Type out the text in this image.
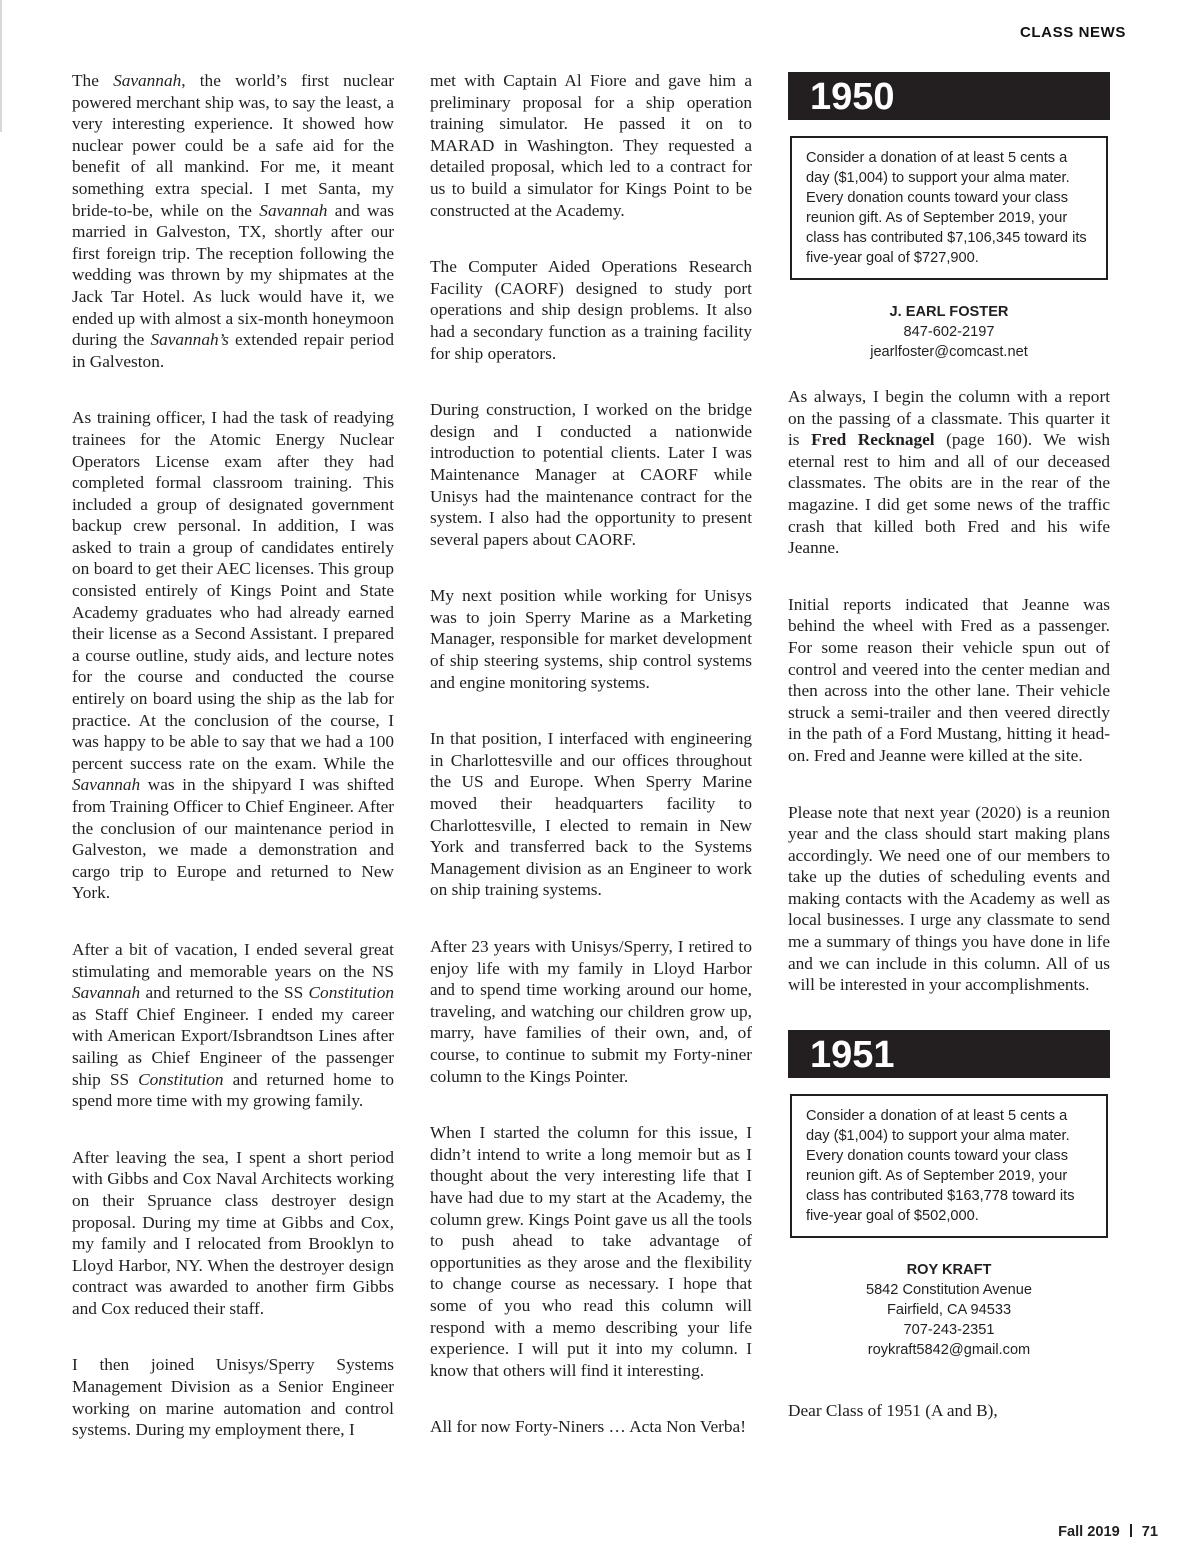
CLASS NEWS

The Savannah, the world’s first nuclear powered merchant ship was, to say the least, a very interesting experience. It showed how nuclear power could be a safe aid for the benefit of all mankind. For me, it meant something extra special. I met Santa, my bride-to-be, while on the Savannah and was married in Galveston, TX, shortly after our first foreign trip. The reception following the wedding was thrown by my shipmates at the Jack Tar Hotel. As luck would have it, we ended up with almost a six-month honeymoon during the Savannah’s extended repair period in Galveston.

As training officer, I had the task of readying trainees for the Atomic Energy Nuclear Operators License exam after they had completed formal classroom training. This included a group of designated government backup crew personal. In addition, I was asked to train a group of candidates entirely on board to get their AEC licenses. This group consisted entirely of Kings Point and State Academy graduates who had already earned their license as a Second Assistant. I prepared a course outline, study aids, and lecture notes for the course and conducted the course entirely on board using the ship as the lab for practice. At the conclusion of the course, I was happy to be able to say that we had a 100 percent success rate on the exam. While the Savannah was in the shipyard I was shifted from Training Officer to Chief Engineer. After the conclusion of our maintenance period in Galveston, we made a demonstration and cargo trip to Europe and returned to New York.

After a bit of vacation, I ended several great stimulating and memorable years on the NS Savannah and returned to the SS Constitution as Staff Chief Engineer. I ended my career with American Export/Isbrandtson Lines after sailing as Chief Engineer of the passenger ship SS Constitution and returned home to spend more time with my growing family.

After leaving the sea, I spent a short period with Gibbs and Cox Naval Architects working on their Spruance class destroyer design proposal. During my time at Gibbs and Cox, my family and I relocated from Brooklyn to Lloyd Harbor, NY. When the destroyer design contract was awarded to another firm Gibbs and Cox reduced their staff.

I then joined Unisys/Sperry Systems Management Division as a Senior Engineer working on marine automation and control systems. During my employment there, I

met with Captain Al Fiore and gave him a preliminary proposal for a ship operation training simulator. He passed it on to MARAD in Washington. They requested a detailed proposal, which led to a contract for us to build a simulator for Kings Point to be constructed at the Academy.

The Computer Aided Operations Research Facility (CAORF) designed to study port operations and ship design problems. It also had a secondary function as a training facility for ship operators.

During construction, I worked on the bridge design and I conducted a nationwide introduction to potential clients. Later I was Maintenance Manager at CAORF while Unisys had the maintenance contract for the system. I also had the opportunity to present several papers about CAORF.

My next position while working for Unisys was to join Sperry Marine as a Marketing Manager, responsible for market development of ship steering systems, ship control systems and engine monitoring systems.

In that position, I interfaced with engineering in Charlottesville and our offices throughout the US and Europe. When Sperry Marine moved their headquarters facility to Charlottesville, I elected to remain in New York and transferred back to the Systems Management division as an Engineer to work on ship training systems.

After 23 years with Unisys/Sperry, I retired to enjoy life with my family in Lloyd Harbor and to spend time working around our home, traveling, and watching our children grow up, marry, have families of their own, and, of course, to continue to submit my Forty-niner column to the Kings Pointer.

When I started the column for this issue, I didn’t intend to write a long memoir but as I thought about the very interesting life that I have had due to my start at the Academy, the column grew. Kings Point gave us all the tools to push ahead to take advantage of opportunities as they arose and the flexibility to change course as necessary. I hope that some of you who read this column will respond with a memo describing your life experience. I will put it into my column. I know that others will find it interesting.

All for now Forty-Niners … Acta Non Verba!

1950
Consider a donation of at least 5 cents a day ($1,004) to support your alma mater. Every donation counts toward your class reunion gift. As of September 2019, your class has contributed $7,106,345 toward its five-year goal of $727,900.
J. EARL FOSTER
847-602-2197
jearlfoster@comcast.net

As always, I begin the column with a report on the passing of a classmate. This quarter it is Fred Recknagel (page 160). We wish eternal rest to him and all of our deceased classmates. The obits are in the rear of the magazine. I did get some news of the traffic crash that killed both Fred and his wife Jeanne.

Initial reports indicated that Jeanne was behind the wheel with Fred as a passenger. For some reason their vehicle spun out of control and veered into the center median and then across into the other lane. Their vehicle struck a semi-trailer and then veered directly in the path of a Ford Mustang, hitting it head-on. Fred and Jeanne were killed at the site.

Please note that next year (2020) is a reunion year and the class should start making plans accordingly. We need one of our members to take up the duties of scheduling events and making contacts with the Academy as well as local businesses. I urge any classmate to send me a summary of things you have done in life and we can include in this column. All of us will be interested in your accomplishments.

1951
Consider a donation of at least 5 cents a day ($1,004) to support your alma mater. Every donation counts toward your class reunion gift. As of September 2019, your class has contributed $163,778 toward its five-year goal of $502,000.
ROY KRAFT
5842 Constitution Avenue
Fairfield, CA 94533
707-243-2351
roykraft5842@gmail.com
Dear Class of 1951 (A and B),
Fall 2019 71
